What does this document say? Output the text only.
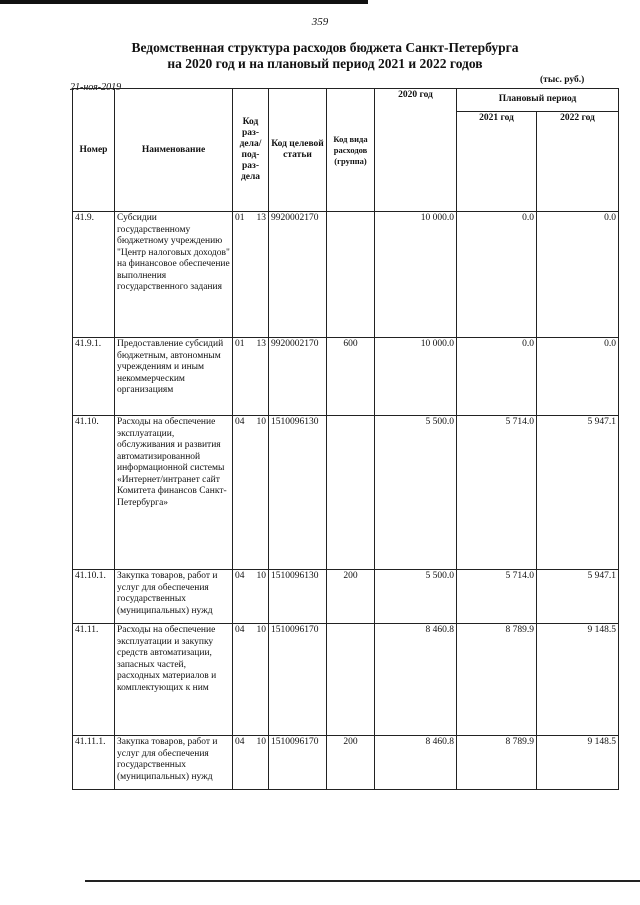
359
Ведомственная структура расходов бюджета Санкт-Петербурга
на 2020 год и на плановый период 2021 и 2022 годов
21-ноя-2019
(тыс. руб.)
Номер	Наименование	Код раз- дела/ под- раз- дела	Код целевой статьи	Код вида расходов (группа)	2020 год	Плановый период	
						2021 год	2022 год
41.9.	Субсидии государственному бюджетному учреждению "Центр налоговых доходов" на финансовое обеспечение выполнения государственного задания	01 13	9920002170		10 000.0	0.0	0.0
41.9.1.	Предоставление субсидий бюджетным, автономным учреждениям и иным некоммерческим организациям	01 13	9920002170	600	10 000.0	0.0	0.0
41.10.	Расходы на обеспечение эксплуатации, обслуживания и развития автоматизированной информационной системы «Интернет/интранет сайт Комитета финансов Санкт-Петербурга»	04 10	1510096130		5 500.0	5 714.0	5 947.1
41.10.1.	Закупка товаров, работ и услуг для обеспечения государственных (муниципальных) нужд	04 10	1510096130	200	5 500.0	5 714.0	5 947.1
41.11.	Расходы на обеспечение эксплуатации и закупку средств автоматизации, запасных частей, расходных материалов и комплектующих к ним	04 10	1510096170		8 460.8	8 789.9	9 148.5
41.11.1.	Закупка товаров, работ и услуг для обеспечения государственных (муниципальных) нужд	04 10	1510096170	200	8 460.8	8 789.9	9 148.5
